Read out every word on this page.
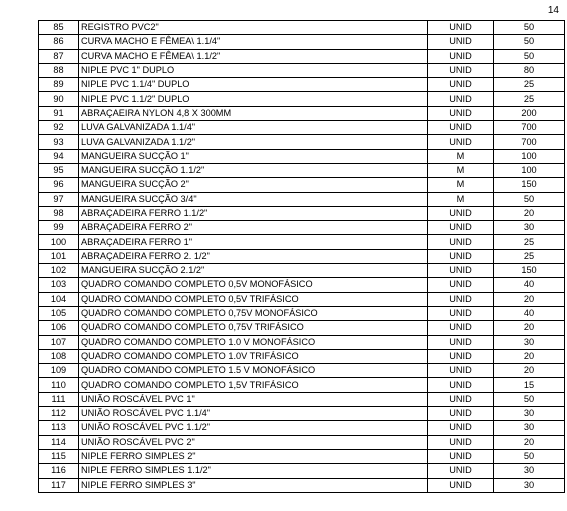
14
85	REGISTRO PVC2"	UNID	50
86	CURVA MACHO E FÊMEA\ 1.1/4"	UNID	50
87	CURVA MACHO E FÊMEA\ 1.1/2"	UNID	50
88	NIPLE PVC 1" DUPLO	UNID	80
89	NIPLE PVC 1.1/4" DUPLO	UNID	25
90	NIPLE PVC 1.1/2" DUPLO	UNID	25
91	ABRAÇAEIRA NYLON 4,8 X 300MM	UNID	200
92	LUVA GALVANIZADA 1.1/4"	UNID	700
93	LUVA GALVANIZADA 1.1/2"	UNID	700
94	MANGUEIRA SUCÇÃO 1"	M	100
95	MANGUEIRA SUCÇÃO 1.1/2"	M	100
96	MANGUEIRA SUCÇÃO 2"	M	150
97	MANGUEIRA SUCÇÃO 3/4"	M	50
98	ABRAÇADEIRA FERRO 1.1/2"	UNID	20
99	ABRAÇADEIRA FERRO 2"	UNID	30
100	ABRAÇADEIRA FERRO 1"	UNID	25
101	ABRAÇADEIRA FERRO 2. 1/2"	UNID	25
102	MANGUEIRA SUCÇÃO 2.1/2"	UNID	150
103	QUADRO COMANDO COMPLETO 0,5V MONOFÁSICO	UNID	40
104	QUADRO COMANDO COMPLETO 0,5V TRIFÁSICO	UNID	20
105	QUADRO COMANDO COMPLETO 0,75V MONOFÁSICO	UNID	40
106	QUADRO COMANDO COMPLETO 0,75V TRIFÁSICO	UNID	20
107	QUADRO COMANDO COMPLETO 1.0 V MONOFÁSICO	UNID	30
108	QUADRO COMANDO COMPLETO 1.0V TRIFÁSICO	UNID	20
109	QUADRO COMANDO COMPLETO 1.5 V MONOFÁSICO	UNID	20
110	QUADRO COMANDO COMPLETO 1,5V TRIFÁSICO	UNID	15
111	UNIÃO ROSCÁVEL PVC 1"	UNID	50
112	UNIÃO ROSCÁVEL PVC 1.1/4"	UNID	30
113	UNIÃO ROSCÁVEL PVC 1.1/2"	UNID	30
114	UNIÃO ROSCÁVEL PVC 2"	UNID	20
115	NIPLE FERRO SIMPLES 2"	UNID	50
116	NIPLE FERRO SIMPLES 1.1/2"	UNID	30
117	NIPLE FERRO SIMPLES 3"	UNID	30
